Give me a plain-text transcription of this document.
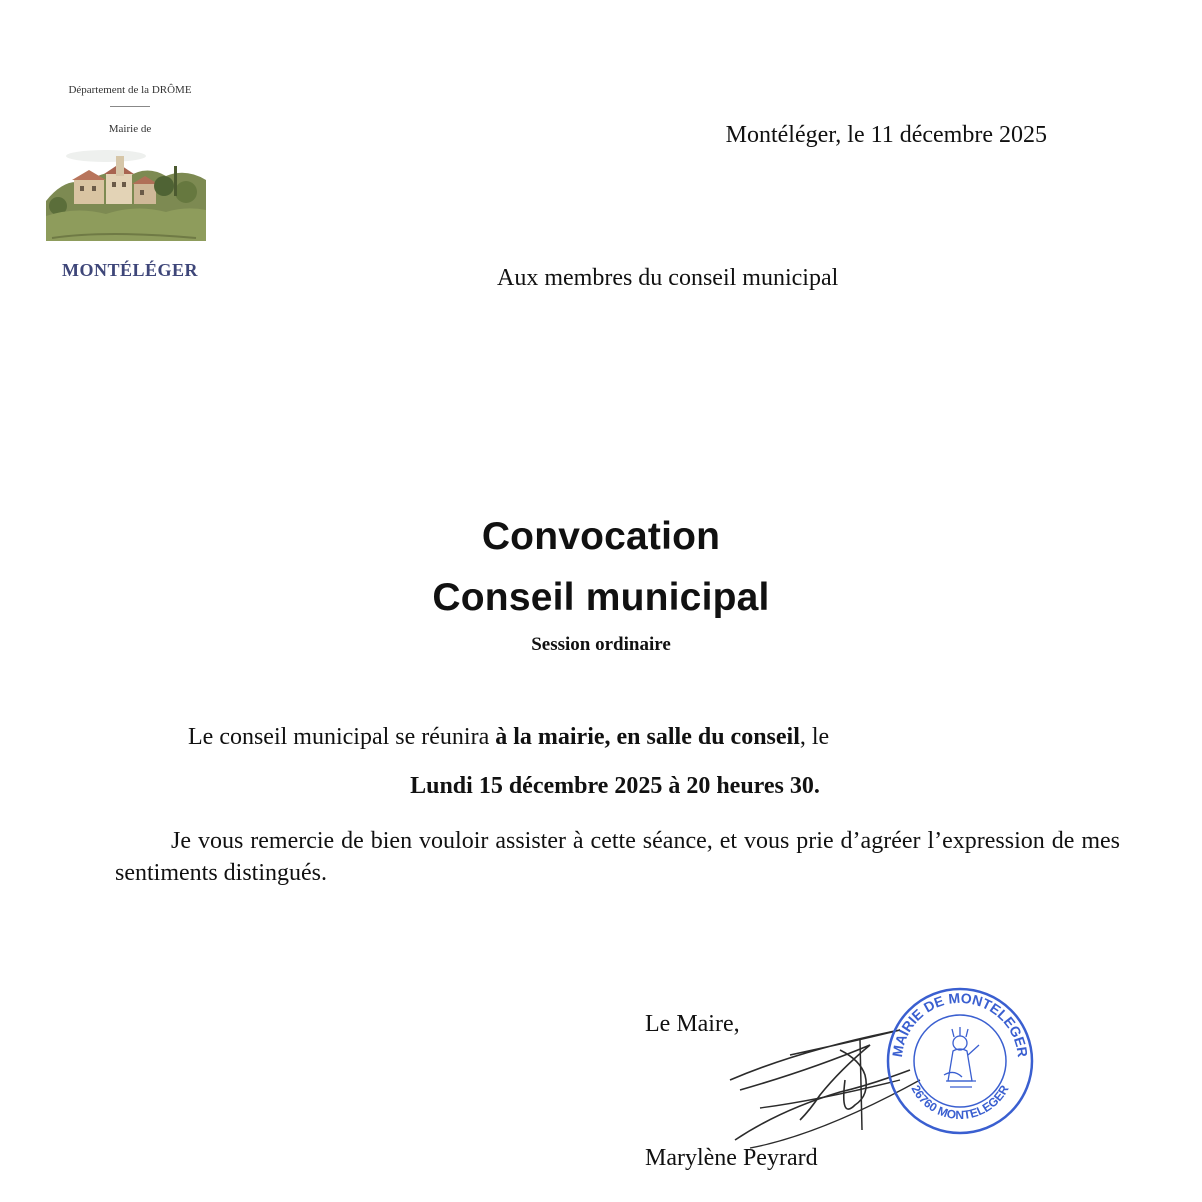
Département de la DRÔME
Mairie de
MONTÉLÉGER
Montéléger, le 11 décembre 2025
Aux membres du conseil municipal
Convocation
Conseil municipal
Session ordinaire
Le conseil municipal se réunira à la mairie, en salle du conseil, le
Lundi 15 décembre 2025 à 20 heures 30.
Je vous remercie de bien vouloir assister à cette séance, et vous prie d’agréer l’expression de mes sentiments distingués.
Le Maire,
MAIRIE DE MONTELEGER
26760 MONTELEGER
Marylène Peyrard
